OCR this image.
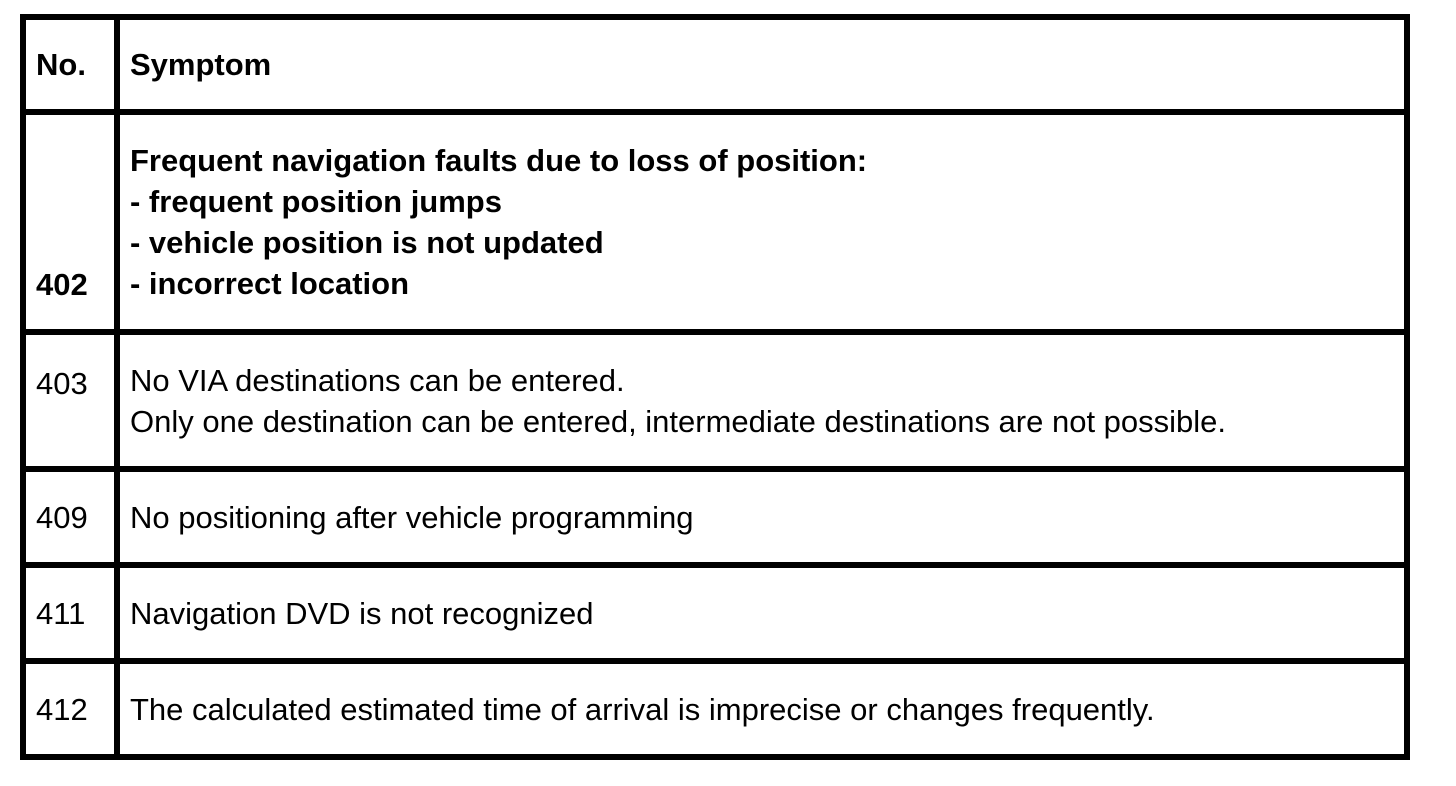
No.	Symptom
402	Frequent navigation faults due to loss of position:
- frequent position jumps
- vehicle position is not updated
- incorrect location

403	No VIA destinations can be entered.
Only one destination can be entered, intermediate destinations are not possible.

409	No positioning after vehicle programming

411	Navigation DVD is not recognized

412	The calculated estimated time of arrival is imprecise or changes frequently.
